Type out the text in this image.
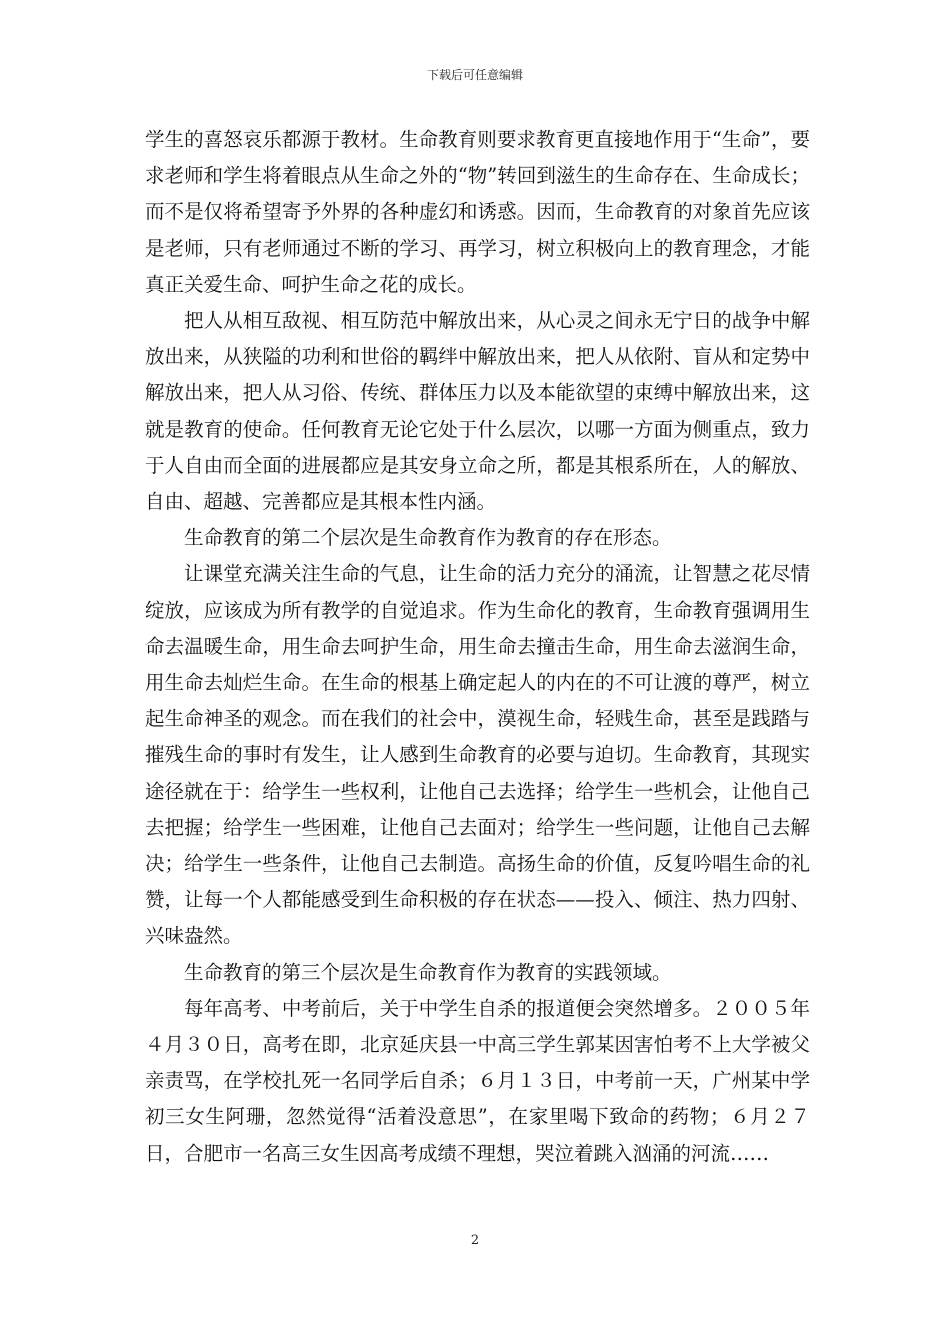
下载后可任意编辑

学生的喜怒哀乐都源于教材。生命教育则要求教育更直接地作用于“生命”，要求老师和学生将着眼点从生命之外的“物”转回到滋生的生命存在、生命成长；而不是仅将希望寄予外界的各种虚幻和诱惑。因而，生命教育的对象首先应该是老师，只有老师通过不断的学习、再学习，树立积极向上的教育理念，才能真正关爱生命、呵护生命之花的成长。

把人从相互敌视、相互防范中解放出来，从心灵之间永无宁日的战争中解放出来，从狭隘的功利和世俗的羁绊中解放出来，把人从依附、盲从和定势中解放出来，把人从习俗、传统、群体压力以及本能欲望的束缚中解放出来，这就是教育的使命。任何教育无论它处于什么层次，以哪一方面为侧重点，致力于人自由而全面的进展都应是其安身立命之所，都是其根系所在，人的解放、自由、超越、完善都应是其根本性内涵。

生命教育的第二个层次是生命教育作为教育的存在形态。

让课堂充满关注生命的气息，让生命的活力充分的涌流，让智慧之花尽情绽放，应该成为所有教学的自觉追求。作为生命化的教育，生命教育强调用生命去温暖生命，用生命去呵护生命，用生命去撞击生命，用生命去滋润生命，用生命去灿烂生命。在生命的根基上确定起人的内在的不可让渡的尊严，树立起生命神圣的观念。而在我们的社会中，漠视生命，轻贱生命，甚至是践踏与摧残生命的事时有发生，让人感到生命教育的必要与迫切。生命教育，其现实途径就在于：给学生一些权利，让他自己去选择；给学生一些机会，让他自己去把握；给学生一些困难，让他自己去面对；给学生一些问题，让他自己去解决；给学生一些条件，让他自己去制造。高扬生命的价值，反复吟唱生命的礼赞，让每一个人都能感受到生命积极的存在状态——投入、倾注、热力四射、兴味盎然。

生命教育的第三个层次是生命教育作为教育的实践领域。

每年高考、中考前后，关于中学生自杀的报道便会突然增多。２００５年４月３０日，高考在即，北京延庆县一中高三学生郭某因害怕考不上大学被父亲责骂，在学校扎死一名同学后自杀；６月１３日，中考前一天，广州某中学初三女生阿珊，忽然觉得“活着没意思”，在家里喝下致命的药物；６月２７日，合肥市一名高三女生因高考成绩不理想，哭泣着跳入汹涌的河流……

2
